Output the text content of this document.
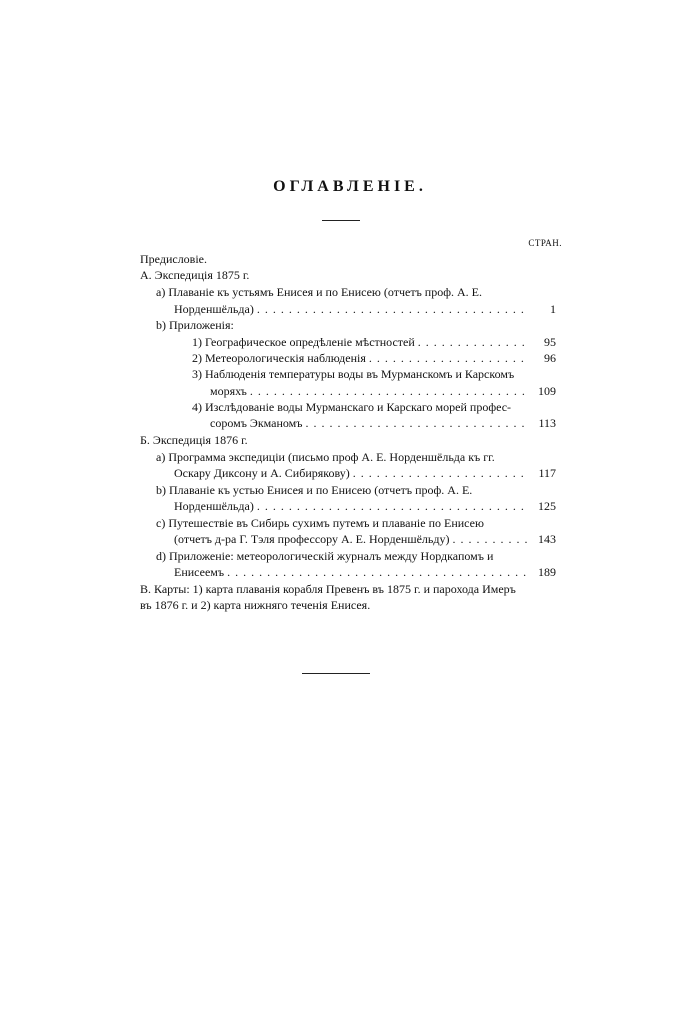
ОГЛАВЛЕНІЕ.
СТРАН.
Предисловіе.
А. Экспедиція 1875 г.
a) Плаваніе къ устьямъ Енисея и по Енисею (отчетъ проф. А. Е.
Норденшёльда) . . .	1
b) Приложенія:
1) Географическое опредѣленіе мѣстностей . . .	95
2) Метеорологическія наблюденія . . .	96
3) Наблюденія температуры воды въ Мурманскомъ и Карскомъ
моряхъ . . .	109
4) Изслѣдованіе воды Мурманскаго и Карскаго морей профес-
соромъ Экманомъ . . .	113
Б. Экспедиція 1876 г.
a) Программа экспедиціи (письмо проф А. Е. Норденшёльда къ гг.
Оскару Диксону и А. Сибирякову) . . .	117
b) Плаваніе къ устью Енисея и по Енисею (отчетъ проф. А. Е.
Норденшёльда) . . .	125
c) Путешествіе въ Сибирь сухимъ путемъ и плаваніе по Енисею
(отчетъ д-ра Г. Тэля профессору А. Е. Норденшёльду) . . .	143
d) Приложеніе: метеорологическій журналъ между Нордкапомъ и
Енисеемъ . . .	189
В. Карты: 1) карта плаванія корабля Превенъ въ 1875 г. и парохода Имеръ
въ 1876 г. и 2) карта нижняго теченія Енисея.
